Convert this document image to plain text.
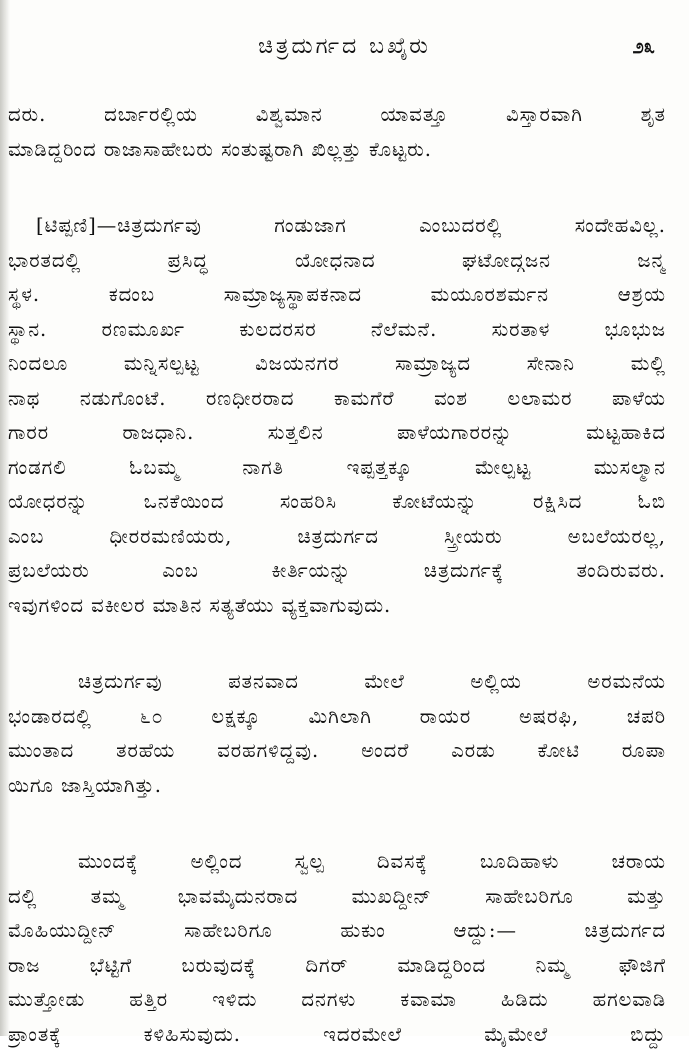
ಚಿತ್ರದುರ್ಗದ ಬಖೈರು	೨೩
ದರು. ದರ್ಬಾರಲ್ಲಿಯ ವಿಶ್ವಮಾನ ಯಾವತ್ತೂ ವಿಸ್ತಾರವಾಗಿ ಶೃತ
ಮಾಡಿದ್ದರಿಂದ ರಾಜಾಸಾಹೇಬರು ಸಂತುಷ್ಟರಾಗಿ ಖಿಲ್ಲತ್ತು ಕೊಟ್ಟರು.
[ಟಿಪ್ಪಣಿ]—ಚಿತ್ರದುರ್ಗವು ಗಂಡುಜಾಗ ಎಂಬುದರಲ್ಲಿ ಸಂದೇಹವಿಲ್ಲ.
ಭಾರತದಲ್ಲಿ ಪ್ರಸಿದ್ಧ ಯೋಧನಾದ ಘಟೋದ್ಗಜನ ಜನ್ಮ
ಸ್ಥಳ. ಕದಂಬ ಸಾಮ್ರಾಜ್ಯಸ್ಥಾಪಕನಾದ ಮಯೂರಶರ್ಮನ ಆಶ್ರಯ
ಸ್ಥಾನ. ರಣಮೂರ್ಖ ಕುಲದರಸರ ನೆಲೆಮನೆ. ಸುರತಾಳ ಭೂಭುಜ
ನಿಂದಲೂ ಮನ್ನಿಸಲ್ಪಟ್ಟ ವಿಜಯನಗರ ಸಾಮ್ರಾಜ್ಯದ ಸೇನಾನಿ ಮಲ್ಲಿ
ನಾಥ ನಡುಗೊಂಟೆ. ರಣಧೀರರಾದ ಕಾಮಗೆರೆ ವಂಶ ಲಲಾಮರ ಪಾಳೆಯ
ಗಾರರ ರಾಜಧಾನಿ. ಸುತ್ತಲಿನ ಪಾಳೆಯಗಾರರನ್ನು ಮಟ್ಟಹಾಕಿದ
ಗಂಡಗಲಿ ಓಬಮ್ಮ ನಾಗತಿ ಇಪ್ಪತ್ತಕ್ಕೂ ಮೇಲ್ಪಟ್ಟ ಮುಸಲ್ಮಾನ
ಯೋಧರನ್ನು ಒನಕೆಯಿಂದ ಸಂಹರಿಸಿ ಕೋಟೆಯನ್ನು ರಕ್ಷಿಸಿದ ಓಬಿ
ಎಂಬ ಧೀರರಮಣಿಯರು, ಚಿತ್ರದುರ್ಗದ ಸ್ತ್ರೀಯರು ಅಬಲೆಯರಲ್ಲ,
ಪ್ರಬಲೆಯರು ಎಂಬ ಕೀರ್ತಿಯನ್ನು ಚಿತ್ರದುರ್ಗಕ್ಕೆ ತಂದಿರುವರು.
ಇವುಗಳಿಂದ ವಕೀಲರ ಮಾತಿನ ಸತ್ಯತೆಯು ವ್ಯಕ್ತವಾಗುವುದು.
ಚಿತ್ರದುರ್ಗವು ಪತನವಾದ ಮೇಲೆ ಅಲ್ಲಿಯ ಅರಮನೆಯ
ಭಂಡಾರದಲ್ಲಿ ೬೦ ಲಕ್ಷಕ್ಕೂ ಮಿಗಿಲಾಗಿ ರಾಯರ ಅಷರಫಿ, ಚಪರಿ
ಮುಂತಾದ ತರಹೆಯ ವರಹಗಳಿದ್ದವು. ಅಂದರೆ ಎರಡು ಕೋಟಿ ರೂಪಾ
ಯಿಗೂ ಜಾಸ್ತಿಯಾಗಿತ್ತು.
ಮುಂದಕ್ಕೆ ಅಲ್ಲಿಂದ ಸ್ವಲ್ಪ ದಿವಸಕ್ಕೆ ಬೂದಿಹಾಳು ಚರಾಯ
ದಲ್ಲಿ ತಮ್ಮ ಭಾವಮೈದುನರಾದ ಮುಖದ್ದೀನ್ ಸಾಹೇಬರಿಗೂ ಮತ್ತು
ಮೊಹಿಯುದ್ದೀನ್ ಸಾಹೇಬರಿಗೂ ಹುಕುಂ ಆದ್ದು:— ಚಿತ್ರದುರ್ಗದ
ರಾಜ ಭೆಟ್ಟಿಗೆ ಬರುವುದಕ್ಕೆ ದಿಗರ್ ಮಾಡಿದ್ದರಿಂದ ನಿಮ್ಮ ಫೌಜಿಗೆ
ಮುತ್ತೋಡು ಹತ್ತಿರ ಇಳಿದು ದನಗಳು ಕವಾಮಾ ಹಿಡಿದು ಹಗಲವಾಡಿ
ಪ್ರಾಂತಕ್ಕೆ ಕಳಿಹಿಸುವುದು. ಇದರಮೇಲೆ ಮೈಮೇಲೆ ಬಿದ್ದು
